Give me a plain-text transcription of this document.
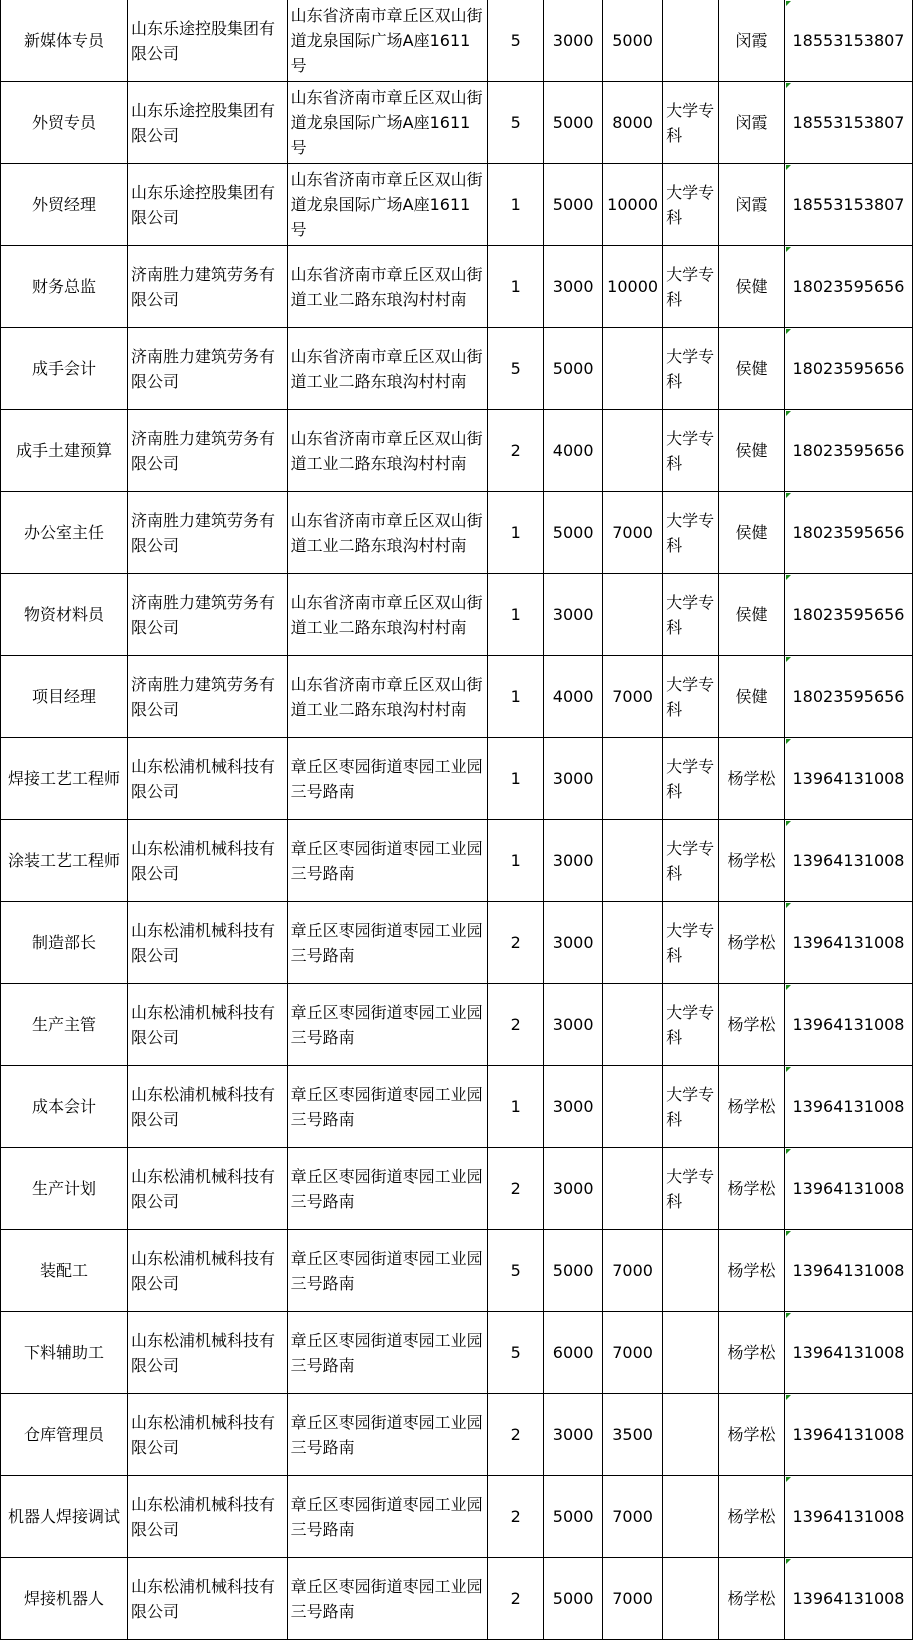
新媒体专员	山东乐途控股集团有限公司	山东省济南市章丘区双山街道龙泉国际广场A座1611号	5	3000	5000		闵霞	18553153807
外贸专员	山东乐途控股集团有限公司	山东省济南市章丘区双山街道龙泉国际广场A座1611号	5	5000	8000	大学专科	闵霞	18553153807
外贸经理	山东乐途控股集团有限公司	山东省济南市章丘区双山街道龙泉国际广场A座1611号	1	5000	10000	大学专科	闵霞	18553153807
财务总监	济南胜力建筑劳务有限公司	山东省济南市章丘区双山街道工业二路东琅沟村村南	1	3000	10000	大学专科	侯健	18023595656
成手会计	济南胜力建筑劳务有限公司	山东省济南市章丘区双山街道工业二路东琅沟村村南	5	5000		大学专科	侯健	18023595656
成手土建预算	济南胜力建筑劳务有限公司	山东省济南市章丘区双山街道工业二路东琅沟村村南	2	4000		大学专科	侯健	18023595656
办公室主任	济南胜力建筑劳务有限公司	山东省济南市章丘区双山街道工业二路东琅沟村村南	1	5000	7000	大学专科	侯健	18023595656
物资材料员	济南胜力建筑劳务有限公司	山东省济南市章丘区双山街道工业二路东琅沟村村南	1	3000		大学专科	侯健	18023595656
项目经理	济南胜力建筑劳务有限公司	山东省济南市章丘区双山街道工业二路东琅沟村村南	1	4000	7000	大学专科	侯健	18023595656
焊接工艺工程师	山东松浦机械科技有限公司	章丘区枣园街道枣园工业园三号路南	1	3000		大学专科	杨学松	13964131008
涂装工艺工程师	山东松浦机械科技有限公司	章丘区枣园街道枣园工业园三号路南	1	3000		大学专科	杨学松	13964131008
制造部长	山东松浦机械科技有限公司	章丘区枣园街道枣园工业园三号路南	2	3000		大学专科	杨学松	13964131008
生产主管	山东松浦机械科技有限公司	章丘区枣园街道枣园工业园三号路南	2	3000		大学专科	杨学松	13964131008
成本会计	山东松浦机械科技有限公司	章丘区枣园街道枣园工业园三号路南	1	3000		大学专科	杨学松	13964131008
生产计划	山东松浦机械科技有限公司	章丘区枣园街道枣园工业园三号路南	2	3000		大学专科	杨学松	13964131008
装配工	山东松浦机械科技有限公司	章丘区枣园街道枣园工业园三号路南	5	5000	7000		杨学松	13964131008
下料辅助工	山东松浦机械科技有限公司	章丘区枣园街道枣园工业园三号路南	5	6000	7000		杨学松	13964131008
仓库管理员	山东松浦机械科技有限公司	章丘区枣园街道枣园工业园三号路南	2	3000	3500		杨学松	13964131008
机器人焊接调试	山东松浦机械科技有限公司	章丘区枣园街道枣园工业园三号路南	2	5000	7000		杨学松	13964131008
焊接机器人	山东松浦机械科技有限公司	章丘区枣园街道枣园工业园三号路南	2	5000	7000		杨学松	13964131008
